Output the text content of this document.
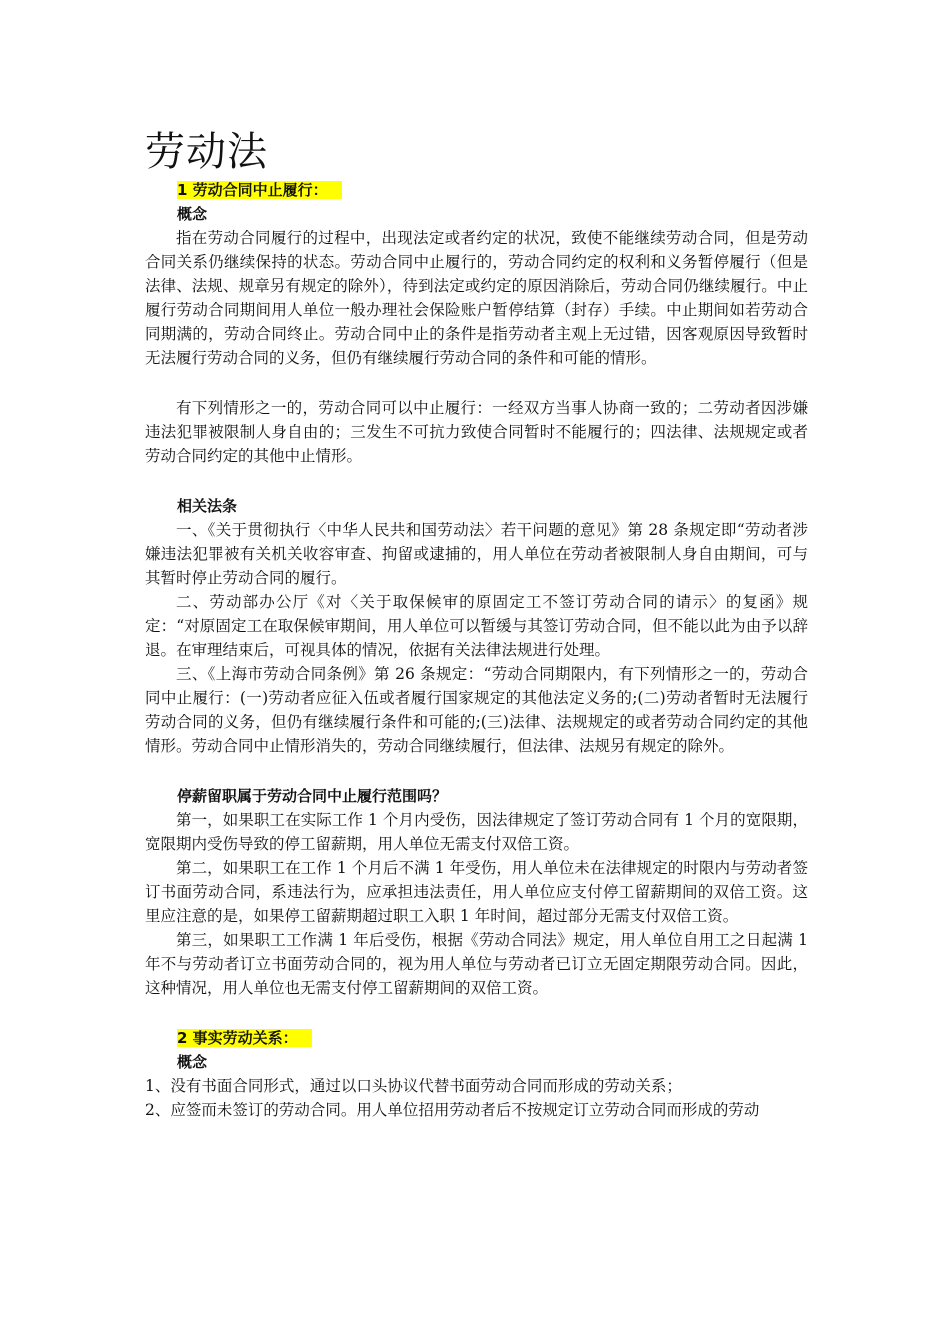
劳动法
1 劳动合同中止履行：
概念

指在劳动合同履行的过程中，出现法定或者约定的状况，致使不能继续劳动合同，但是劳动合同关系仍继续保持的状态。劳动合同中止履行的，劳动合同约定的权利和义务暂停履行（但是法律、法规、规章另有规定的除外），待到法定或约定的原因消除后，劳动合同仍继续履行。中止履行劳动合同期间用人单位一般办理社会保险账户暂停结算（封存）手续。中止期间如若劳动合同期满的，劳动合同终止。劳动合同中止的条件是指劳动者主观上无过错，因客观原因导致暂时无法履行劳动合同的义务，但仍有继续履行劳动合同的条件和可能的情形。

有下列情形之一的，劳动合同可以中止履行：一经双方当事人协商一致的；二劳动者因涉嫌违法犯罪被限制人身自由的；三发生不可抗力致使合同暂时不能履行的；四法律、法规规定或者劳动合同约定的其他中止情形。

相关法条

一、《关于贯彻执行〈中华人民共和国劳动法〉若干问题的意见》第 28 条规定即“劳动者涉嫌违法犯罪被有关机关收容审查、拘留或逮捕的，用人单位在劳动者被限制人身自由期间，可与其暂时停止劳动合同的履行。

二、劳动部办公厅《对〈关于取保候审的原固定工不签订劳动合同的请示〉的复函》规定：“对原固定工在取保候审期间，用人单位可以暂缓与其签订劳动合同，但不能以此为由予以辞退。在审理结束后，可视具体的情况，依据有关法律法规进行处理。

三、《上海市劳动合同条例》第 26 条规定：“劳动合同期限内，有下列情形之一的，劳动合同中止履行：(一)劳动者应征入伍或者履行国家规定的其他法定义务的;(二)劳动者暂时无法履行劳动合同的义务，但仍有继续履行条件和可能的;(三)法律、法规规定的或者劳动合同约定的其他情形。劳动合同中止情形消失的，劳动合同继续履行，但法律、法规另有规定的除外。

停薪留职属于劳动合同中止履行范围吗？

第一，如果职工在实际工作 1 个月内受伤，因法律规定了签订劳动合同有 1 个月的宽限期，宽限期内受伤导致的停工留薪期，用人单位无需支付双倍工资。

第二，如果职工在工作 1 个月后不满 1 年受伤，用人单位未在法律规定的时限内与劳动者签订书面劳动合同，系违法行为，应承担违法责任，用人单位应支付停工留薪期间的双倍工资。这里应注意的是，如果停工留薪期超过职工入职 1 年时间，超过部分无需支付双倍工资。

第三，如果职工工作满 1 年后受伤，根据《劳动合同法》规定，用人单位自用工之日起满 1 年不与劳动者订立书面劳动合同的，视为用人单位与劳动者已订立无固定期限劳动合同。因此，这种情况，用人单位也无需支付停工留薪期间的双倍工资。

2 事实劳动关系：
概念

1、没有书面合同形式，通过以口头协议代替书面劳动合同而形成的劳动关系；

2、应签而未签订的劳动合同。用人单位招用劳动者后不按规定订立劳动合同而形成的劳动
